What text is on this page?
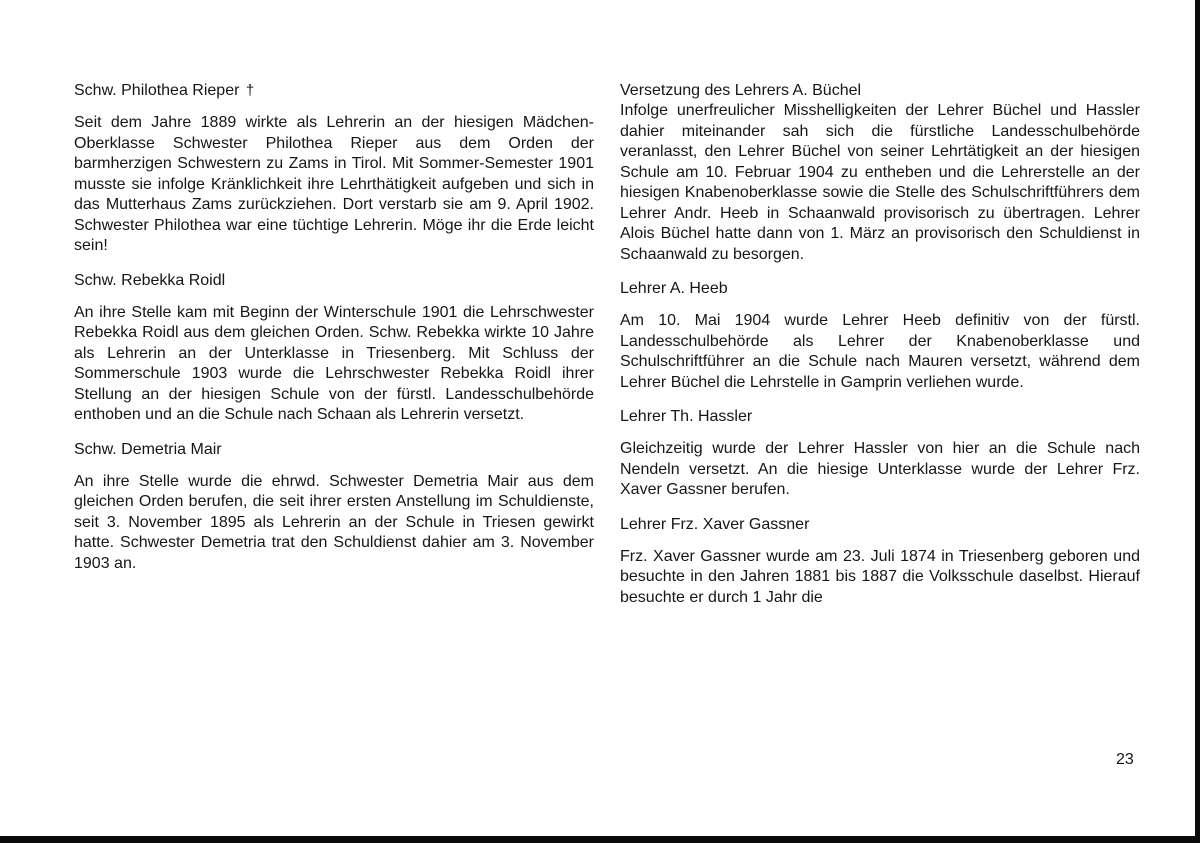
Schw. Philothea Rieper †

Seit dem Jahre 1889 wirkte als Lehrerin an der hiesigen Mädchen-Oberklasse Schwester Philothea Rieper aus dem Orden der barmherzigen Schwestern zu Zams in Tirol. Mit Sommer-Semester 1901 musste sie infolge Kränklichkeit ihre Lehrthätigkeit aufgeben und sich in das Mutterhaus Zams zurückziehen. Dort verstarb sie am 9. April 1902. Schwester Philothea war eine tüchtige Lehrerin. Möge ihr die Erde leicht sein!

Schw. Rebekka Roidl

An ihre Stelle kam mit Beginn der Winterschule 1901 die Lehrschwester Rebekka Roidl aus dem gleichen Orden. Schw. Rebekka wirkte 10 Jahre als Lehrerin an der Unterklasse in Triesenberg. Mit Schluss der Sommerschule 1903 wurde die Lehrschwester Rebekka Roidl ihrer Stellung an der hiesigen Schule von der fürstl. Landesschulbehörde enthoben und an die Schule nach Schaan als Lehrerin versetzt.

Schw. Demetria Mair

An ihre Stelle wurde die ehrwd. Schwester Demetria Mair aus dem gleichen Orden berufen, die seit ihrer ersten Anstellung im Schuldienste, seit 3. November 1895 als Lehrerin an der Schule in Triesen gewirkt hatte. Schwester Demetria trat den Schuldienst dahier am 3. November 1903 an.

Versetzung des Lehrers A. Büchel

Infolge unerfreulicher Misshelligkeiten der Lehrer Büchel und Hassler dahier miteinander sah sich die fürstliche Landesschulbehörde veranlasst, den Lehrer Büchel von seiner Lehrtätigkeit an der hiesigen Schule am 10. Februar 1904 zu entheben und die Lehrerstelle an der hiesigen Knabenoberklasse sowie die Stelle des Schulschriftführers dem Lehrer Andr. Heeb in Schaanwald provisorisch zu übertragen. Lehrer Alois Büchel hatte dann von 1. März an provisorisch den Schuldienst in Schaanwald zu besorgen.

Lehrer A. Heeb

Am 10. Mai 1904 wurde Lehrer Heeb definitiv von der fürstl. Landesschulbehörde als Lehrer der Knabenoberklasse und Schulschriftführer an die Schule nach Mauren versetzt, während dem Lehrer Büchel die Lehrstelle in Gamprin verliehen wurde.

Lehrer Th. Hassler

Gleichzeitig wurde der Lehrer Hassler von hier an die Schule nach Nendeln versetzt. An die hiesige Unterklasse wurde der Lehrer Frz. Xaver Gassner berufen.

Lehrer Frz. Xaver Gassner

Frz. Xaver Gassner wurde am 23. Juli 1874 in Triesenberg geboren und besuchte in den Jahren 1881 bis 1887 die Volksschule daselbst. Hierauf besuchte er durch 1 Jahr die

23
